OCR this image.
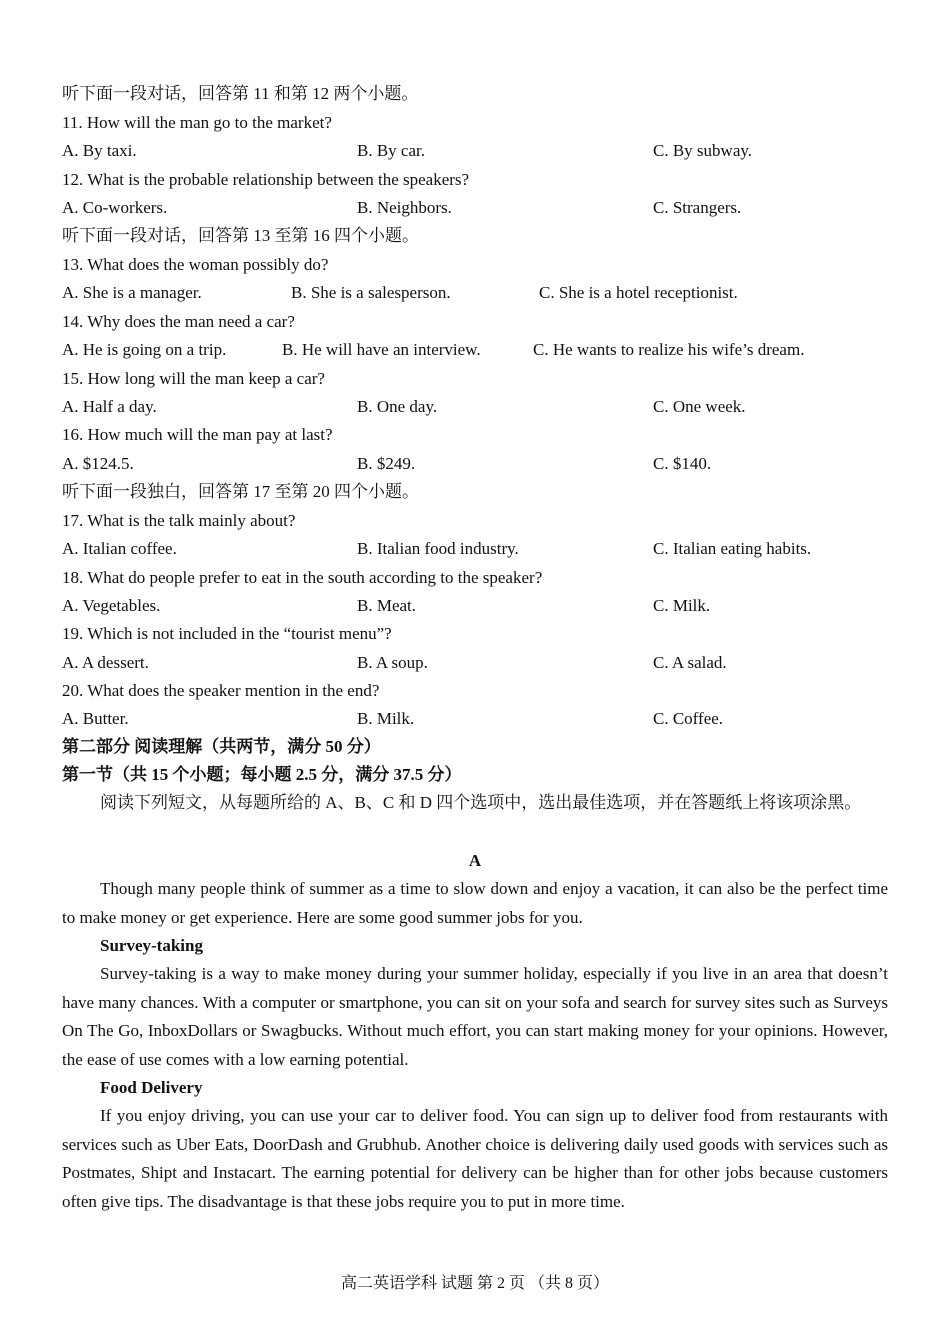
听下面一段对话，回答第 11 和第 12 两个小题。
11. How will the man go to the market?
A. By taxi.	B. By car.	C. By subway.
12. What is the probable relationship between the speakers?
A. Co-workers.	B. Neighbors.	C. Strangers.
听下面一段对话，回答第 13 至第 16 四个小题。
13. What does the woman possibly do?
A. She is a manager.	B. She is a salesperson.	C. She is a hotel receptionist.
14. Why does the man need a car?
A. He is going on a trip.	B. He will have an interview.	C. He wants to realize his wife’s dream.
15. How long will the man keep a car?
A. Half a day.	B. One day.	C. One week.
16. How much will the man pay at last?
A. $124.5.	B. $249.	C. $140.
听下面一段独白，回答第 17 至第 20 四个小题。
17. What is the talk mainly about?
A. Italian coffee.	B. Italian food industry.	C. Italian eating habits.
18. What do people prefer to eat in the south according to the speaker?
A. Vegetables.	B. Meat.	C. Milk.
19. Which is not included in the “tourist menu”?
A. A dessert.	B. A soup.	C. A salad.
20. What does the speaker mention in the end?
A. Butter.	B. Milk.	C. Coffee.
第二部分 阅读理解（共两节，满分 50 分）
第一节（共 15 个小题；每小题 2.5 分，满分 37.5 分）
阅读下列短文，从每题所给的 A、B、C 和 D 四个选项中，选出最佳选项，并在答题纸上将该项涂黑。
A
Though many people think of summer as a time to slow down and enjoy a vacation, it can also be the perfect time to make money or get experience. Here are some good summer jobs for you.
Survey-taking
Survey-taking is a way to make money during your summer holiday, especially if you live in an area that doesn’t have many chances. With a computer or smartphone, you can sit on your sofa and search for survey sites such as Surveys On The Go, InboxDollars or Swagbucks. Without much effort, you can start making money for your opinions. However, the ease of use comes with a low earning potential.
Food Delivery
If you enjoy driving, you can use your car to deliver food. You can sign up to deliver food from restaurants with services such as Uber Eats, DoorDash and Grubhub. Another choice is delivering daily used goods with services such as Postmates, Shipt and Instacart. The earning potential for delivery can be higher than for other jobs because customers often give tips. The disadvantage is that these jobs require you to put in more time.
高二英语学科 试题 第 2 页 （共 8 页）
